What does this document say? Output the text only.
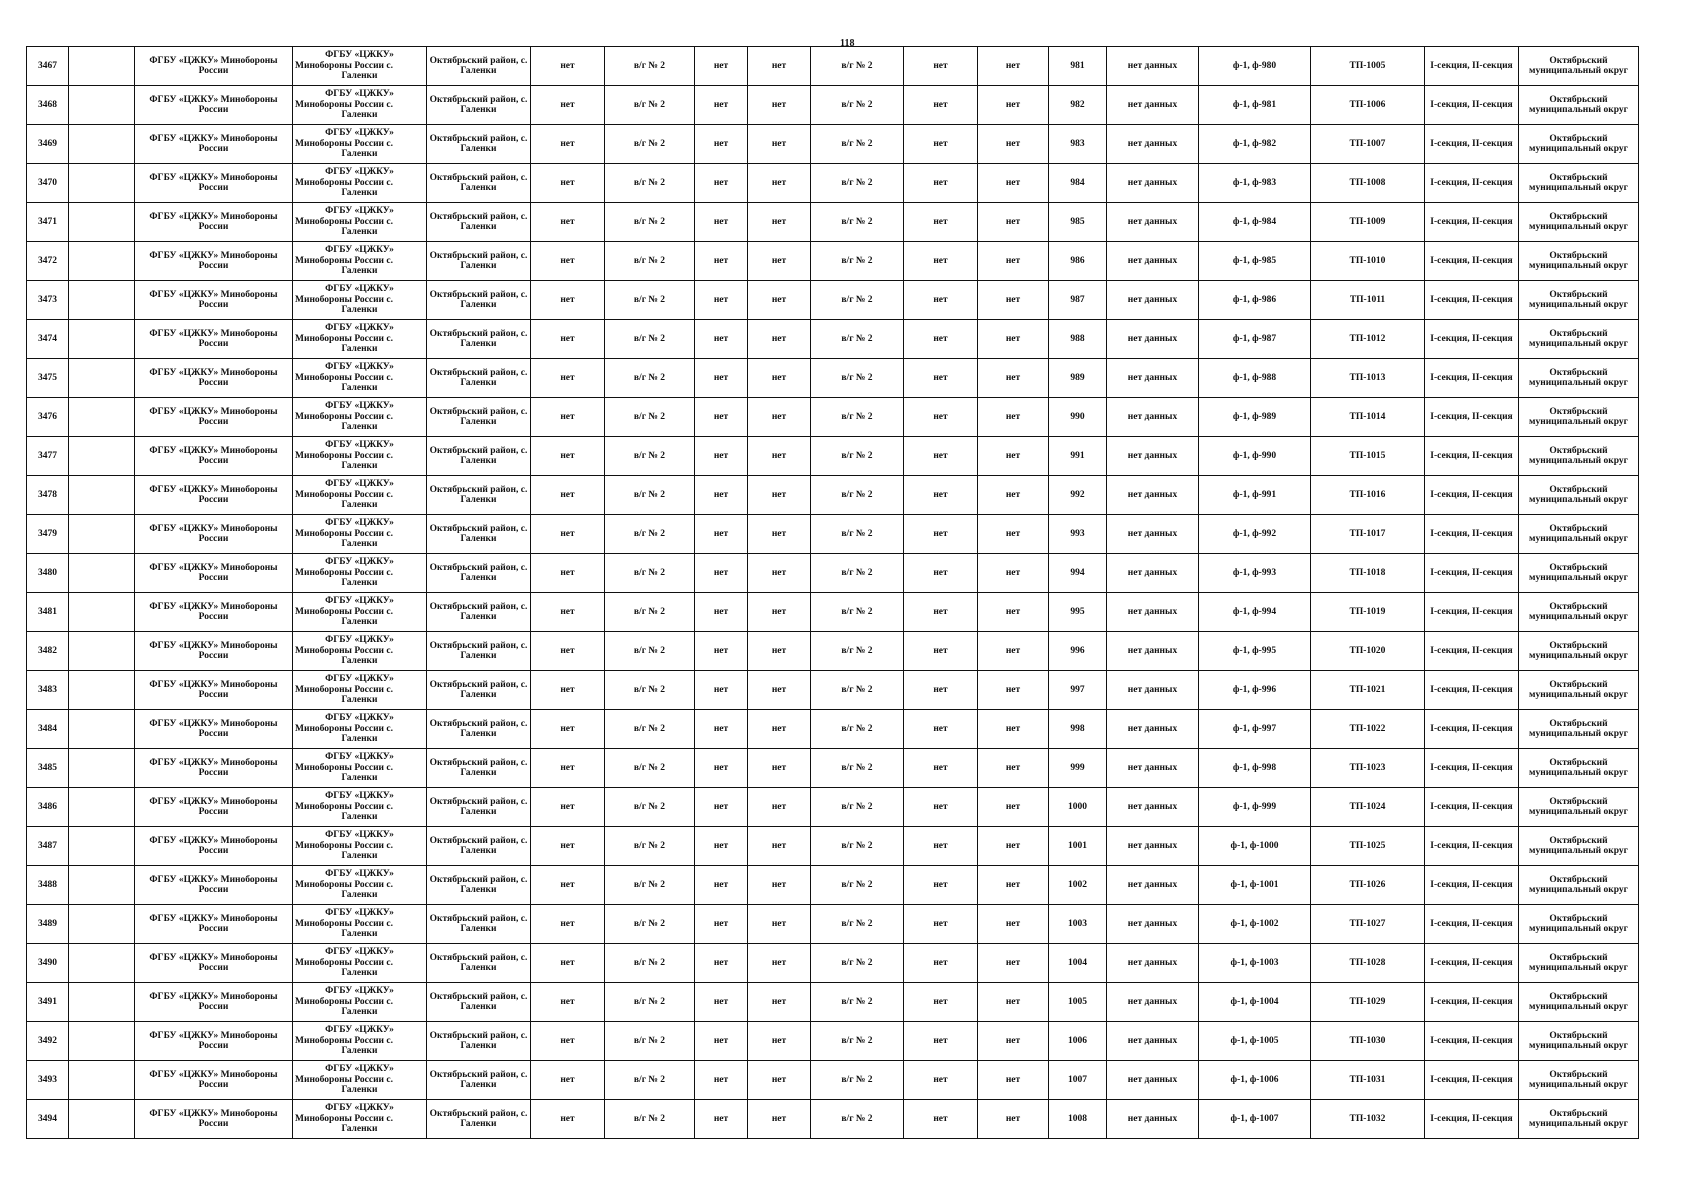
118
3467		ФГБУ «ЦЖКУ» Минобороны России	ФГБУ «ЦЖКУ»
Минобороны России с.
Галенки	Октябрьский район, с. Галенки	нет	в/г № 2	нет	нет	в/г № 2	нет	нет	981	нет данных	ф-1, ф-980	ТП-1005	I-секция, II-секция	Октябрьский муниципальный округ
3468		ФГБУ «ЦЖКУ» Минобороны России	ФГБУ «ЦЖКУ»
Минобороны России с.
Галенки	Октябрьский район, с. Галенки	нет	в/г № 2	нет	нет	в/г № 2	нет	нет	982	нет данных	ф-1, ф-981	ТП-1006	I-секция, II-секция	Октябрьский муниципальный округ
3469		ФГБУ «ЦЖКУ» Минобороны России	ФГБУ «ЦЖКУ»
Минобороны России с.
Галенки	Октябрьский район, с. Галенки	нет	в/г № 2	нет	нет	в/г № 2	нет	нет	983	нет данных	ф-1, ф-982	ТП-1007	I-секция, II-секция	Октябрьский муниципальный округ
3470		ФГБУ «ЦЖКУ» Минобороны России	ФГБУ «ЦЖКУ»
Минобороны России с.
Галенки	Октябрьский район, с. Галенки	нет	в/г № 2	нет	нет	в/г № 2	нет	нет	984	нет данных	ф-1, ф-983	ТП-1008	I-секция, II-секция	Октябрьский муниципальный округ
3471		ФГБУ «ЦЖКУ» Минобороны России	ФГБУ «ЦЖКУ»
Минобороны России с.
Галенки	Октябрьский район, с. Галенки	нет	в/г № 2	нет	нет	в/г № 2	нет	нет	985	нет данных	ф-1, ф-984	ТП-1009	I-секция, II-секция	Октябрьский муниципальный округ
3472		ФГБУ «ЦЖКУ» Минобороны России	ФГБУ «ЦЖКУ»
Минобороны России с.
Галенки	Октябрьский район, с. Галенки	нет	в/г № 2	нет	нет	в/г № 2	нет	нет	986	нет данных	ф-1, ф-985	ТП-1010	I-секция, II-секция	Октябрьский муниципальный округ
3473		ФГБУ «ЦЖКУ» Минобороны России	ФГБУ «ЦЖКУ»
Минобороны России с.
Галенки	Октябрьский район, с. Галенки	нет	в/г № 2	нет	нет	в/г № 2	нет	нет	987	нет данных	ф-1, ф-986	ТП-1011	I-секция, II-секция	Октябрьский муниципальный округ
3474		ФГБУ «ЦЖКУ» Минобороны России	ФГБУ «ЦЖКУ»
Минобороны России с.
Галенки	Октябрьский район, с. Галенки	нет	в/г № 2	нет	нет	в/г № 2	нет	нет	988	нет данных	ф-1, ф-987	ТП-1012	I-секция, II-секция	Октябрьский муниципальный округ
3475		ФГБУ «ЦЖКУ» Минобороны России	ФГБУ «ЦЖКУ»
Минобороны России с.
Галенки	Октябрьский район, с. Галенки	нет	в/г № 2	нет	нет	в/г № 2	нет	нет	989	нет данных	ф-1, ф-988	ТП-1013	I-секция, II-секция	Октябрьский муниципальный округ
3476		ФГБУ «ЦЖКУ» Минобороны России	ФГБУ «ЦЖКУ»
Минобороны России с.
Галенки	Октябрьский район, с. Галенки	нет	в/г № 2	нет	нет	в/г № 2	нет	нет	990	нет данных	ф-1, ф-989	ТП-1014	I-секция, II-секция	Октябрьский муниципальный округ
3477		ФГБУ «ЦЖКУ» Минобороны России	ФГБУ «ЦЖКУ»
Минобороны России с.
Галенки	Октябрьский район, с. Галенки	нет	в/г № 2	нет	нет	в/г № 2	нет	нет	991	нет данных	ф-1, ф-990	ТП-1015	I-секция, II-секция	Октябрьский муниципальный округ
3478		ФГБУ «ЦЖКУ» Минобороны России	ФГБУ «ЦЖКУ»
Минобороны России с.
Галенки	Октябрьский район, с. Галенки	нет	в/г № 2	нет	нет	в/г № 2	нет	нет	992	нет данных	ф-1, ф-991	ТП-1016	I-секция, II-секция	Октябрьский муниципальный округ
3479		ФГБУ «ЦЖКУ» Минобороны России	ФГБУ «ЦЖКУ»
Минобороны России с.
Галенки	Октябрьский район, с. Галенки	нет	в/г № 2	нет	нет	в/г № 2	нет	нет	993	нет данных	ф-1, ф-992	ТП-1017	I-секция, II-секция	Октябрьский муниципальный округ
3480		ФГБУ «ЦЖКУ» Минобороны России	ФГБУ «ЦЖКУ»
Минобороны России с.
Галенки	Октябрьский район, с. Галенки	нет	в/г № 2	нет	нет	в/г № 2	нет	нет	994	нет данных	ф-1, ф-993	ТП-1018	I-секция, II-секция	Октябрьский муниципальный округ
3481		ФГБУ «ЦЖКУ» Минобороны России	ФГБУ «ЦЖКУ»
Минобороны России с.
Галенки	Октябрьский район, с. Галенки	нет	в/г № 2	нет	нет	в/г № 2	нет	нет	995	нет данных	ф-1, ф-994	ТП-1019	I-секция, II-секция	Октябрьский муниципальный округ
3482		ФГБУ «ЦЖКУ» Минобороны России	ФГБУ «ЦЖКУ»
Минобороны России с.
Галенки	Октябрьский район, с. Галенки	нет	в/г № 2	нет	нет	в/г № 2	нет	нет	996	нет данных	ф-1, ф-995	ТП-1020	I-секция, II-секция	Октябрьский муниципальный округ
3483		ФГБУ «ЦЖКУ» Минобороны России	ФГБУ «ЦЖКУ»
Минобороны России с.
Галенки	Октябрьский район, с. Галенки	нет	в/г № 2	нет	нет	в/г № 2	нет	нет	997	нет данных	ф-1, ф-996	ТП-1021	I-секция, II-секция	Октябрьский муниципальный округ
3484		ФГБУ «ЦЖКУ» Минобороны России	ФГБУ «ЦЖКУ»
Минобороны России с.
Галенки	Октябрьский район, с. Галенки	нет	в/г № 2	нет	нет	в/г № 2	нет	нет	998	нет данных	ф-1, ф-997	ТП-1022	I-секция, II-секция	Октябрьский муниципальный округ
3485		ФГБУ «ЦЖКУ» Минобороны России	ФГБУ «ЦЖКУ»
Минобороны России с.
Галенки	Октябрьский район, с. Галенки	нет	в/г № 2	нет	нет	в/г № 2	нет	нет	999	нет данных	ф-1, ф-998	ТП-1023	I-секция, II-секция	Октябрьский муниципальный округ
3486		ФГБУ «ЦЖКУ» Минобороны России	ФГБУ «ЦЖКУ»
Минобороны России с.
Галенки	Октябрьский район, с. Галенки	нет	в/г № 2	нет	нет	в/г № 2	нет	нет	1000	нет данных	ф-1, ф-999	ТП-1024	I-секция, II-секция	Октябрьский муниципальный округ
3487		ФГБУ «ЦЖКУ» Минобороны России	ФГБУ «ЦЖКУ»
Минобороны России с.
Галенки	Октябрьский район, с. Галенки	нет	в/г № 2	нет	нет	в/г № 2	нет	нет	1001	нет данных	ф-1, ф-1000	ТП-1025	I-секция, II-секция	Октябрьский муниципальный округ
3488		ФГБУ «ЦЖКУ» Минобороны России	ФГБУ «ЦЖКУ»
Минобороны России с.
Галенки	Октябрьский район, с. Галенки	нет	в/г № 2	нет	нет	в/г № 2	нет	нет	1002	нет данных	ф-1, ф-1001	ТП-1026	I-секция, II-секция	Октябрьский муниципальный округ
3489		ФГБУ «ЦЖКУ» Минобороны России	ФГБУ «ЦЖКУ»
Минобороны России с.
Галенки	Октябрьский район, с. Галенки	нет	в/г № 2	нет	нет	в/г № 2	нет	нет	1003	нет данных	ф-1, ф-1002	ТП-1027	I-секция, II-секция	Октябрьский муниципальный округ
3490		ФГБУ «ЦЖКУ» Минобороны России	ФГБУ «ЦЖКУ»
Минобороны России с.
Галенки	Октябрьский район, с. Галенки	нет	в/г № 2	нет	нет	в/г № 2	нет	нет	1004	нет данных	ф-1, ф-1003	ТП-1028	I-секция, II-секция	Октябрьский муниципальный округ
3491		ФГБУ «ЦЖКУ» Минобороны России	ФГБУ «ЦЖКУ»
Минобороны России с.
Галенки	Октябрьский район, с. Галенки	нет	в/г № 2	нет	нет	в/г № 2	нет	нет	1005	нет данных	ф-1, ф-1004	ТП-1029	I-секция, II-секция	Октябрьский муниципальный округ
3492		ФГБУ «ЦЖКУ» Минобороны России	ФГБУ «ЦЖКУ»
Минобороны России с.
Галенки	Октябрьский район, с. Галенки	нет	в/г № 2	нет	нет	в/г № 2	нет	нет	1006	нет данных	ф-1, ф-1005	ТП-1030	I-секция, II-секция	Октябрьский муниципальный округ
3493		ФГБУ «ЦЖКУ» Минобороны России	ФГБУ «ЦЖКУ»
Минобороны России с.
Галенки	Октябрьский район, с. Галенки	нет	в/г № 2	нет	нет	в/г № 2	нет	нет	1007	нет данных	ф-1, ф-1006	ТП-1031	I-секция, II-секция	Октябрьский муниципальный округ
3494		ФГБУ «ЦЖКУ» Минобороны России	ФГБУ «ЦЖКУ»
Минобороны России с.
Галенки	Октябрьский район, с. Галенки	нет	в/г № 2	нет	нет	в/г № 2	нет	нет	1008	нет данных	ф-1, ф-1007	ТП-1032	I-секция, II-секция	Октябрьский муниципальный округ
